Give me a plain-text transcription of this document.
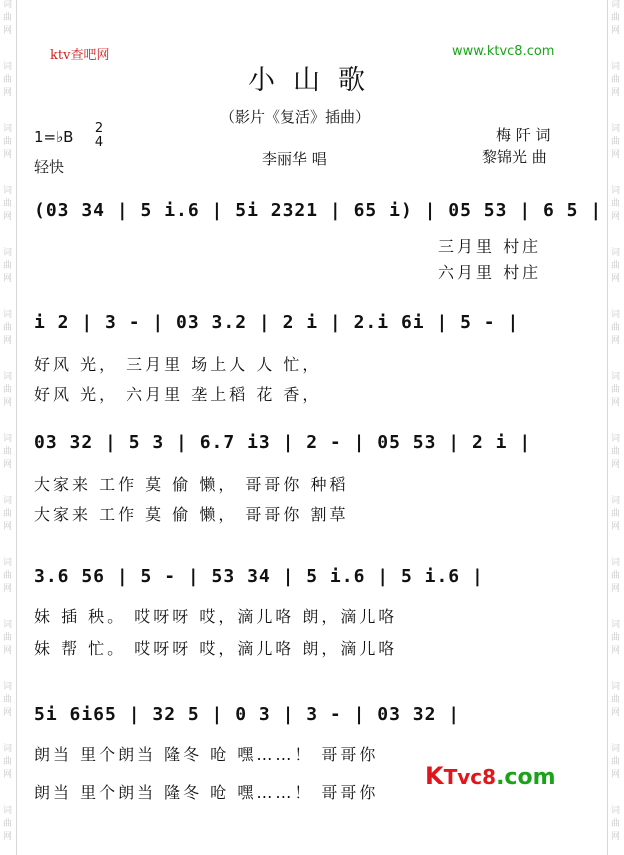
词
曲
网
词
曲
网
词
曲
网
词
曲
网
词
曲
网
词
曲
网
词
曲
网
词
曲
网
词
曲
网
词
曲
网
词
曲
网
词
曲
网
词
曲
网
词
曲
网
词
曲
网
词
曲
网
词
曲
网
词
曲
网
词
曲
网
词
曲
网
词
曲
网
词
曲
网
词
曲
网
词
曲
网
词
曲
网
词
曲
网
词
曲
网
词
曲
网
ktv查吧网	www.ktvc8.com
小山歌
（影片《复活》插曲）
1=♭B 2
4
轻快	李丽华 唱
梅 阡 词
黎锦光 曲
(03 34 | 5 i.6 | 5i 2321 | 65 i) | 05 53 | 6 5 |
三月里 村庄
六月里 村庄
i 2 | 3 - | 03 3.2 | 2 i | 2.i 6i | 5 - |
好风 光， 三月里 场上人 人 忙，
好风 光， 六月里 垄上稻 花 香，
03 32 | 5 3 | 6.7 i3 | 2 - | 05 53 | 2 i |
大家来 工作 莫 偷 懒， 哥哥你 种稻
大家来 工作 莫 偷 懒， 哥哥你 割草
3.6 56 | 5 - | 53 34 | 5 i.6 | 5 i.6 |
妹 插 秧。 哎呀呀 哎，滴儿咯 朗，滴儿咯
妹 帮 忙。 哎呀呀 哎，滴儿咯 朗，滴儿咯
5i 6i65 | 32 5 | 0 3 | 3 - | 03 32 |
朗当 里个朗当 隆冬 呛 嘿……！ 哥哥你
朗当 里个朗当 隆冬 呛 嘿……！ 哥哥你
KTvc8.com
